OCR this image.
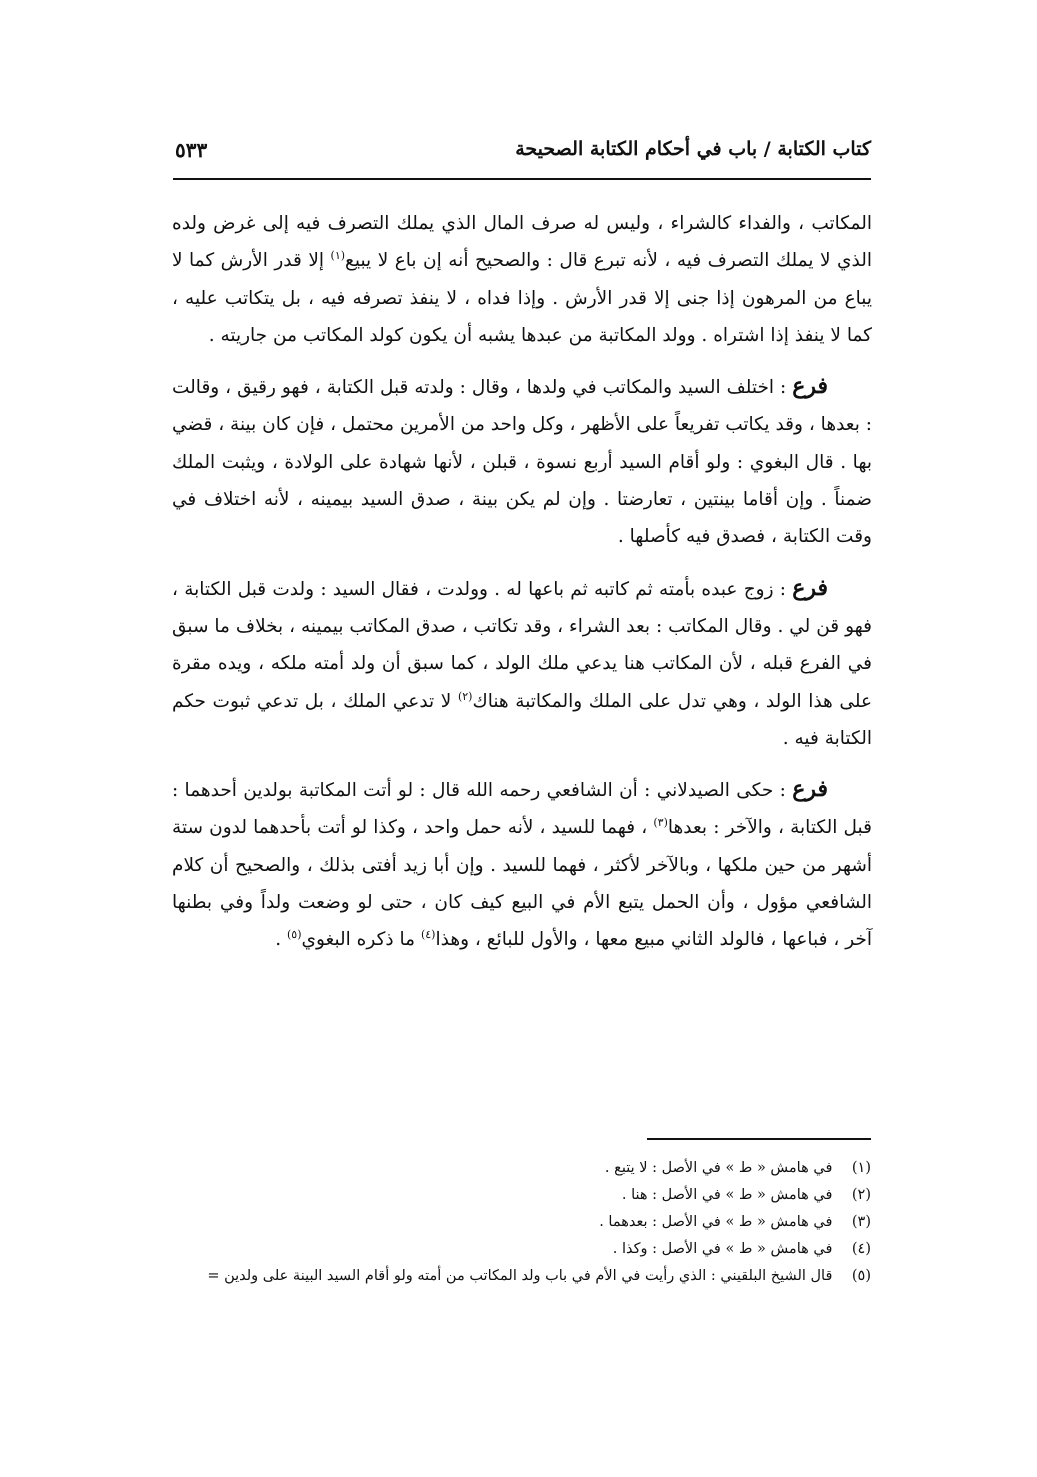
كتاب الكتابة / باب في أحكام الكتابة الصحيحة
٥٣٣

المكاتب ، والفداء كالشراء ، وليس له صرف المال الذي يملك التصرف فيه إلى غرض ولده الذي لا يملك التصرف فيه ، لأنه تبرع قال : والصحيح أنه إن باع لا يبيع$^{(١)}$ إلا قدر الأرش كما لا يباع من المرهون إذا جنى إلا قدر الأرش . وإذا فداه ، لا ينفذ تصرفه فيه ، بل يتكاتب عليه ، كما لا ينفذ إذا اشتراه . وولد المكاتبة من عبدها يشبه أن يكون كولد المكاتب من جاريته .

فرع : اختلف السيد والمكاتب في ولدها ، وقال : ولدته قبل الكتابة ، فهو رقيق ، وقالت : بعدها ، وقد يكاتب تفريعاً على الأظهر ، وكل واحد من الأمرين محتمل ، فإن كان بينة ، قضي بها . قال البغوي : ولو أقام السيد أربع نسوة ، قبلن ، لأنها شهادة على الولادة ، ويثبت الملك ضمناً . وإن أقاما بينتين ، تعارضتا . وإن لم يكن بينة ، صدق السيد بيمينه ، لأنه اختلاف في وقت الكتابة ، فصدق فيه كأصلها .

فرع : زوج عبده بأمته ثم كاتبه ثم باعها له . وولدت ، فقال السيد : ولدت قبل الكتابة ، فهو قن لي . وقال المكاتب : بعد الشراء ، وقد تكاتب ، صدق المكاتب بيمينه ، بخلاف ما سبق في الفرع قبله ، لأن المكاتب هنا يدعي ملك الولد ، كما سبق أن ولد أمته ملكه ، ويده مقرة على هذا الولد ، وهي تدل على الملك والمكاتبة هناك$^{(٢)}$ لا تدعي الملك ، بل تدعي ثبوت حكم الكتابة فيه .

فرع : حكى الصيدلاني : أن الشافعي رحمه الله قال : لو أتت المكاتبة بولدين أحدهما : قبل الكتابة ، والآخر : بعدها$^{(٣)}$ ، فهما للسيد ، لأنه حمل واحد ، وكذا لو أتت بأحدهما لدون ستة أشهر من حين ملكها ، وبالآخر لأكثر ، فهما للسيد . وإن أبا زيد أفتى بذلك ، والصحيح أن كلام الشافعي مؤول ، وأن الحمل يتبع الأم في البيع كيف كان ، حتى لو وضعت ولداً وفي بطنها آخر ، فباعها ، فالولد الثاني مبيع معها ، والأول للبائع ، وهذا$^{(٤)}$ ما ذكره البغوي$^{(٥)}$ .

(١) في هامش « ط » في الأصل : لا يتبع .
(٢) في هامش « ط » في الأصل : هنا .
(٣) في هامش « ط » في الأصل : بعدهما .
(٤) في هامش « ط » في الأصل : وكذا .
(٥) قال الشيخ البلقيني : الذي رأيت في الأم في باب ولد المكاتب من أمته ولو أقام السيد البينة على ولدين =
